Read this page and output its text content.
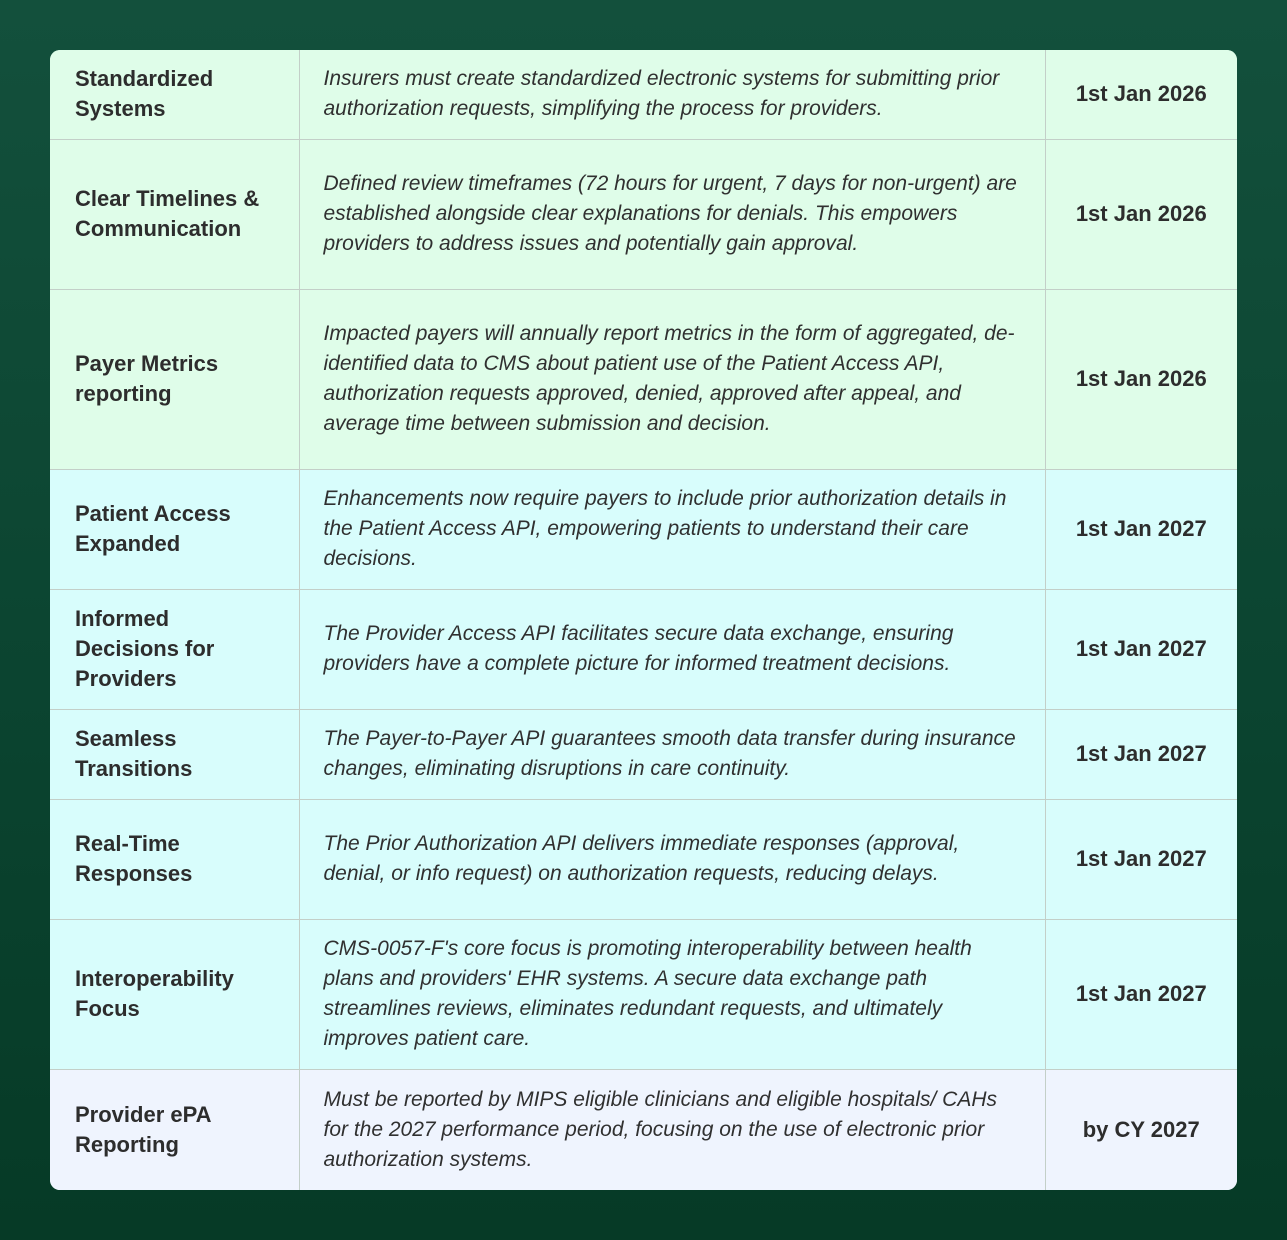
Standardized Systems	Insurers must create standardized electronic systems for submitting prior authorization requests, simplifying the process for providers.	1st Jan 2026
Clear Timelines & Communication	Defined review timeframes (72 hours for urgent, 7 days for non-urgent) are established alongside clear explanations for denials. This empowers providers to address issues and potentially gain approval.	1st Jan 2026
Payer Metrics reporting	Impacted payers will annually report metrics in the form of aggregated, de-identified data to CMS about patient use of the Patient Access API, authorization requests approved, denied, approved after appeal, and average time between submission and decision.	1st Jan 2026
Patient Access Expanded	Enhancements now require payers to include prior authorization details in the Patient Access API, empowering patients to understand their care decisions.	1st Jan 2027
Informed Decisions for Providers	The Provider Access API facilitates secure data exchange, ensuring providers have a complete picture for informed treatment decisions.	1st Jan 2027
Seamless Transitions	The Payer-to-Payer API guarantees smooth data transfer during insurance changes, eliminating disruptions in care continuity.	1st Jan 2027
Real-Time Responses	The Prior Authorization API delivers immediate responses (approval, denial, or info request) on authorization requests, reducing delays.	1st Jan 2027
Interoperability Focus	CMS-0057-F's core focus is promoting interoperability between health plans and providers' EHR systems. A secure data exchange path streamlines reviews, eliminates redundant requests, and ultimately improves patient care.	1st Jan 2027
Provider ePA Reporting	Must be reported by MIPS eligible clinicians and eligible hospitals/ CAHs for the 2027 performance period, focusing on the use of electronic prior authorization systems.	by CY 2027
